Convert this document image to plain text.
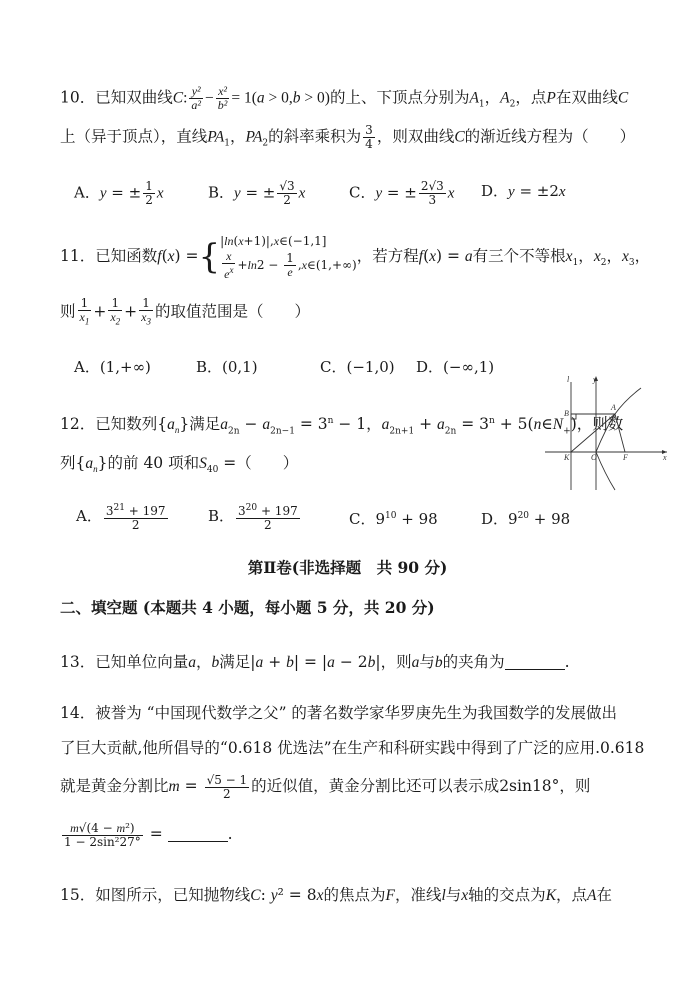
10．已知双曲线C: $\frac{\text{y²}}{\text{a²}} - \frac{\text{x²}}{\text{b²}} = 1(a > 0,b > 0)$的上、下顶点分别为$A_1$，$A_2$，点P在双曲线C
上（异于顶点），直线$PA_1$，$PA_2$的斜率乘积为 $\frac{3}{4}$ ，则双曲线C的渐近线方程为（　　）
A．y = ± $\frac{1}{2}$ x	B．y = ± $\frac{√3}{2}$ x	C．y = ± $\frac{2√3}{3}$ x D．y = ±2x
11．已知函数f(x) ={|ln(x+1)|,x∈(−1,1]

$\frac{x}{e^x} +\ln 2 - \frac{1}{e}$ ,x∈(1,+∞)，若方程f(x) = a有三个不等根$x_1$，$x_2$，$x_3$，
则 $\frac{1}{x_1} + \frac{1}{x_2} + \frac{1}{x_3}$ 的取值范围是（　　）
A．(1,+∞)	B．(0,1)	C．(−1,0) D．(−∞,1)
12．已知数列$\{a_n\}$满足$a_{2n} - a_{2n-1} = 3^n - 1$，$a_{2n+1} + a_{2n} = 3^n$ + $5(n\in N_+)$，则数
列$\{a_n\}$的前 40 项和$S_{40}$ =（　　）
A． $\frac{3^{21} + 197}{2}$	B． $\frac{3^{20} + 197}{2}$	C．$9^{10} + 98$	D．$9^{20} + 98$
l	y
B
A
K	O	F	x
第Ⅱ卷(非选择题　共 90 分)
二、填空题 (本题共 4 小题，每小题 5 分，共 20 分)
13．已知单位向量a，b满足|a + b| = |a − 2b|，则a与b的夹角为	.
14．被誉为 “中国现代数学之父” 的著名数学家华罗庚先生为我国数学的发展做出
了巨大贡献,他所倡导的“0.618 优选法”在生产和科研实践中得到了广泛的应用.0.618
就是黄金分割比$m = \frac{√5 - 1}{2}$ 的近似值，黄金分割比还可以表示成2sin18°，则
$\frac{\text{m√(4 − m²)}}{\text{1 − 2sin²27°}}$ =	.
15．如图所示，已知抛物线C: y² = 8x的焦点为F，准线l与x轴的交点为K，点A在
